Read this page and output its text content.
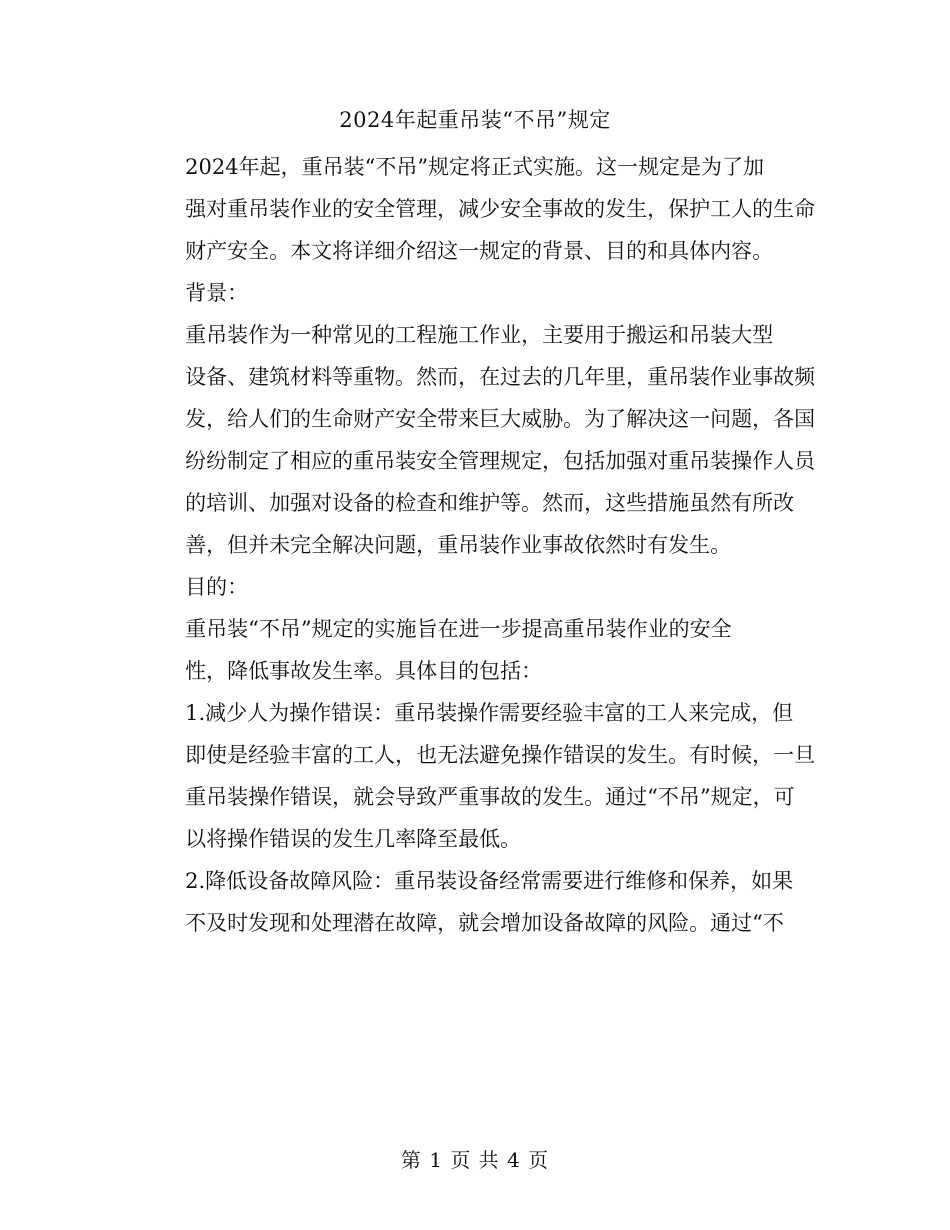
2024年起重吊装“不吊”规定

2024年起，重吊装“不吊”规定将正式实施。这一规定是为了加
强对重吊装作业的安全管理，减少安全事故的发生，保护工人的生命
财产安全。本文将详细介绍这一规定的背景、目的和具体内容。

背景：

重吊装作为一种常见的工程施工作业，主要用于搬运和吊装大型
设备、建筑材料等重物。然而，在过去的几年里，重吊装作业事故频
发，给人们的生命财产安全带来巨大威胁。为了解决这一问题，各国
纷纷制定了相应的重吊装安全管理规定，包括加强对重吊装操作人员
的培训、加强对设备的检查和维护等。然而，这些措施虽然有所改
善，但并未完全解决问题，重吊装作业事故依然时有发生。

目的：

重吊装“不吊”规定的实施旨在进一步提高重吊装作业的安全
性，降低事故发生率。具体目的包括：

1.减少人为操作错误：重吊装操作需要经验丰富的工人来完成，但
即使是经验丰富的工人，也无法避免操作错误的发生。有时候，一旦
重吊装操作错误，就会导致严重事故的发生。通过“不吊”规定，可
以将操作错误的发生几率降至最低。

2.降低设备故障风险：重吊装设备经常需要进行维修和保养，如果
不及时发现和处理潜在故障，就会增加设备故障的风险。通过“不

第 1 页 共 4 页
